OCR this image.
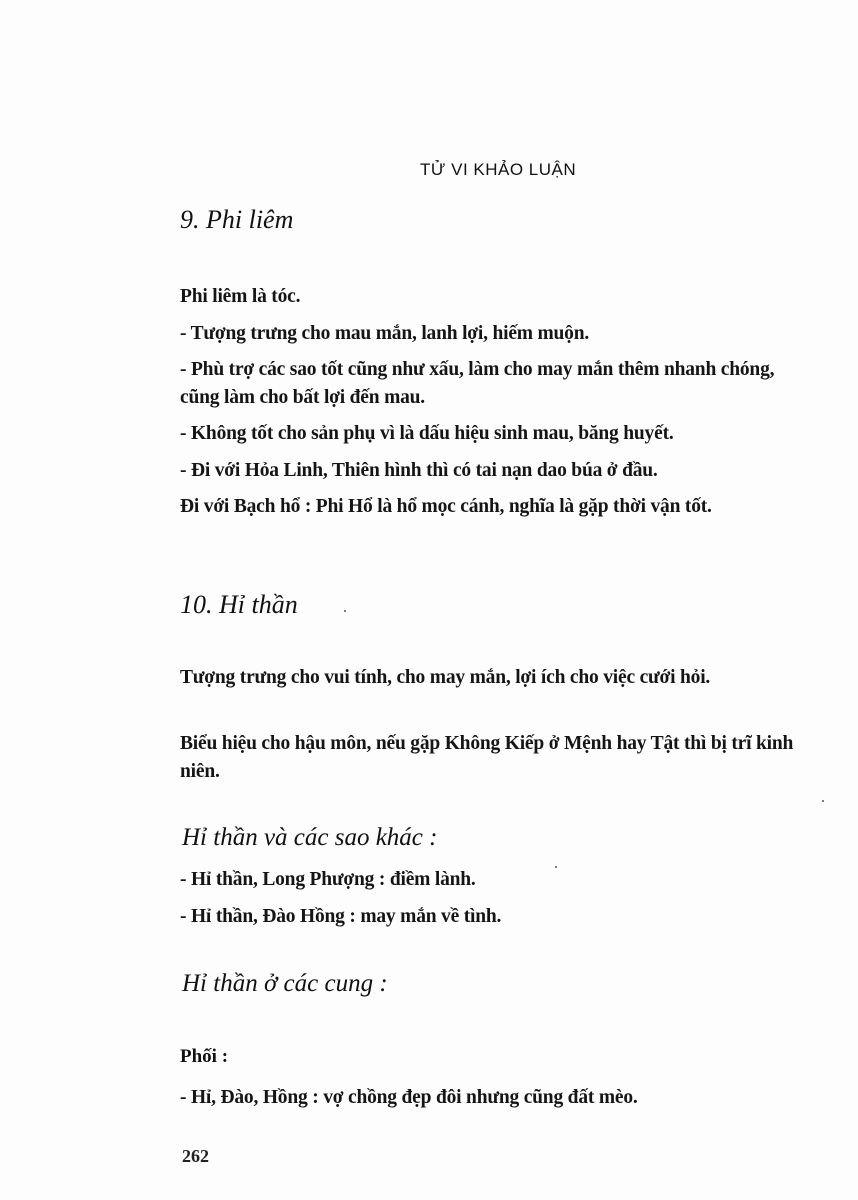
TỬ VI KHẢO LUẬN
9. Phi liêm
Phi liêm là tóc.
- Tượng trưng cho mau mắn, lanh lợi, hiếm muộn.
- Phù trợ các sao tốt cũng như xấu, làm cho may mắn thêm nhanh chóng, cũng làm cho bất lợi đến mau.
- Không tốt cho sản phụ vì là dấu hiệu sinh mau, băng huyết.
- Đi với Hỏa Linh, Thiên hình thì có tai nạn dao búa ở đầu.
Đi với Bạch hổ : Phi Hổ là hổ mọc cánh, nghĩa là gặp thời vận tốt.
10. Hỉ thần
Tượng trưng cho vui tính, cho may mắn, lợi ích cho việc cưới hỏi.
Biểu hiệu cho hậu môn, nếu gặp Không Kiếp ở Mệnh hay Tật thì bị trĩ kinh niên.
Hỉ thần và các sao khác :
- Hỉ thần, Long Phượng : điềm lành.
- Hỉ thần, Đào Hồng : may mắn về tình.
Hỉ thần ở các cung :
Phối :
- Hỉ, Đào, Hồng : vợ chồng đẹp đôi nhưng cũng đất mèo.
262
